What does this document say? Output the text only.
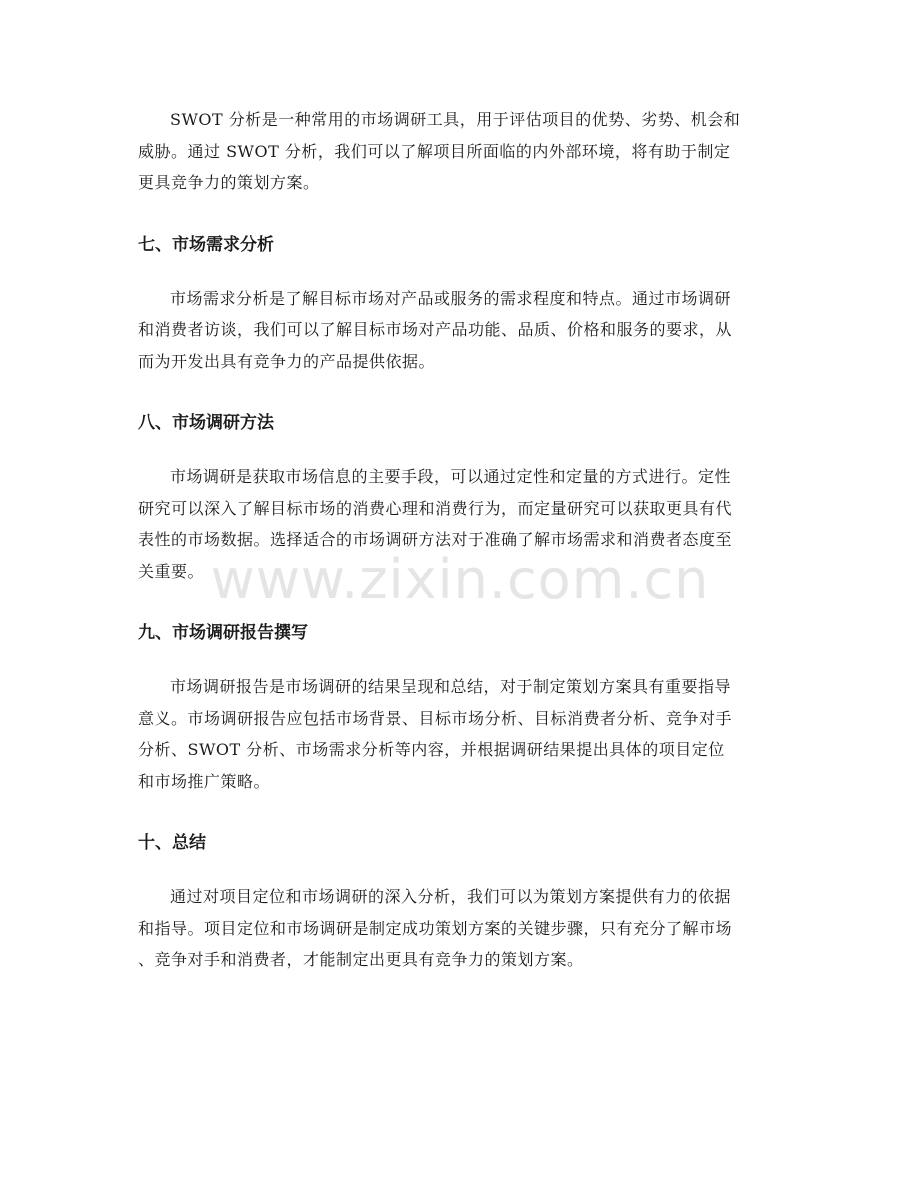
www.zixin.com.cn

SWOT 分析是一种常用的市场调研工具，用于评估项目的优势、劣势、机会和
威胁。通过 SWOT 分析，我们可以了解项目所面临的内外部环境，将有助于制定
更具竞争力的策划方案。

七、市场需求分析

市场需求分析是了解目标市场对产品或服务的需求程度和特点。通过市场调研
和消费者访谈，我们可以了解目标市场对产品功能、品质、价格和服务的要求，从
而为开发出具有竞争力的产品提供依据。

八、市场调研方法

市场调研是获取市场信息的主要手段，可以通过定性和定量的方式进行。定性
研究可以深入了解目标市场的消费心理和消费行为，而定量研究可以获取更具有代
表性的市场数据。选择适合的市场调研方法对于准确了解市场需求和消费者态度至
关重要。

九、市场调研报告撰写

市场调研报告是市场调研的结果呈现和总结，对于制定策划方案具有重要指导
意义。市场调研报告应包括市场背景、目标市场分析、目标消费者分析、竞争对手
分析、SWOT 分析、市场需求分析等内容，并根据调研结果提出具体的项目定位
和市场推广策略。

十、总结

通过对项目定位和市场调研的深入分析，我们可以为策划方案提供有力的依据
和指导。项目定位和市场调研是制定成功策划方案的关键步骤，只有充分了解市场
、竞争对手和消费者，才能制定出更具有竞争力的策划方案。
